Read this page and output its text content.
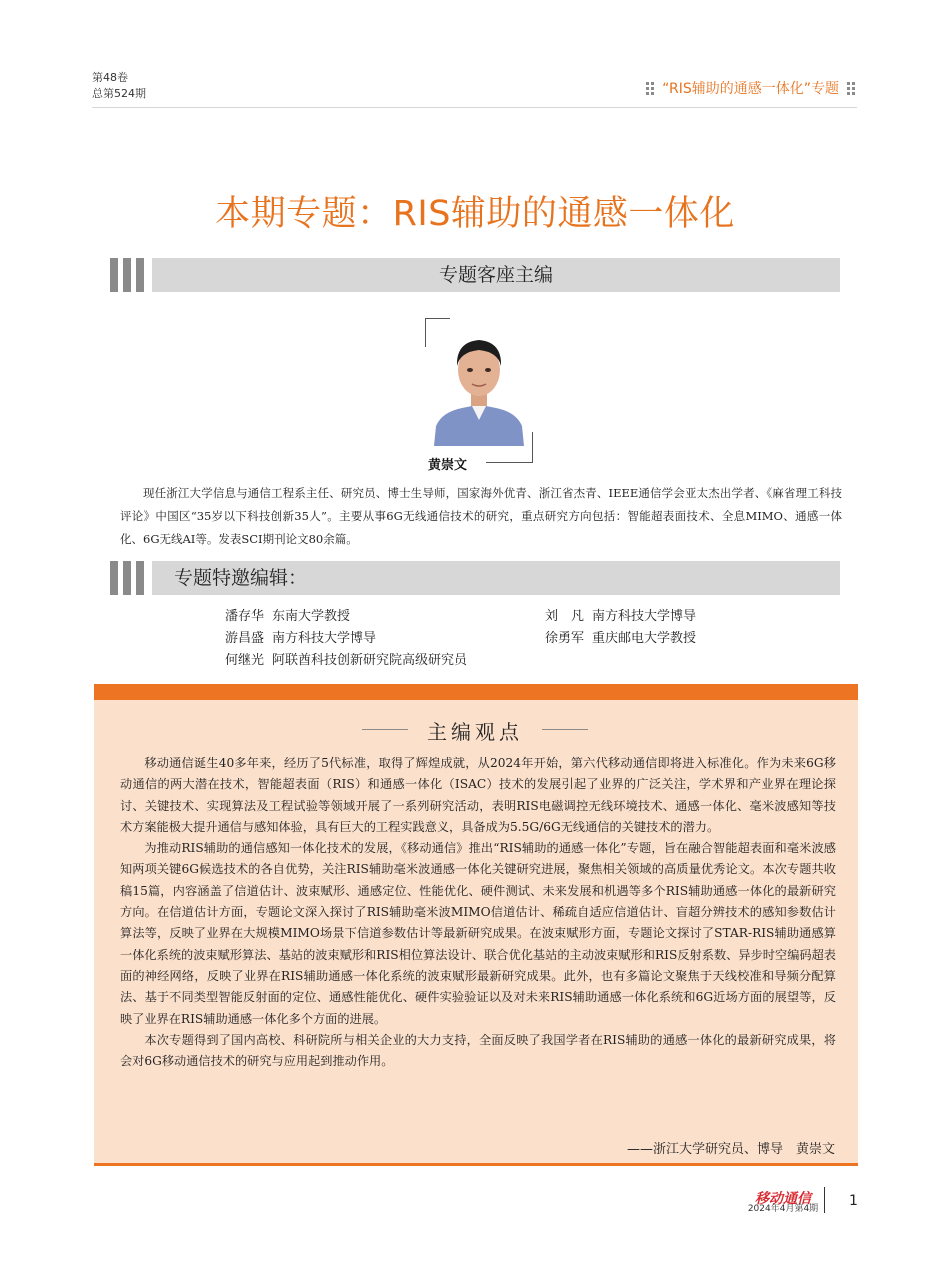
第48卷
总第524期	“RIS辅助的通感一体化”专题
本期专题：RIS辅助的通感一体化
专题客座主编
黄崇文
现任浙江大学信息与通信工程系主任、研究员、博士生导师，国家海外优青、浙江省杰青、IEEE通信学会亚太杰出学者、《麻省理工科技评论》中国区“35岁以下科技创新35人”。主要从事6G无线通信技术的研究，重点研究方向包括：智能超表面技术、全息MIMO、通感一体化、6G无线AI等。发表SCI期刊论文80余篇。
专题特邀编辑：
潘存华 东南大学教授	刘　凡 南方科技大学博导
游昌盛 南方科技大学博导	徐勇军 重庆邮电大学教授
何继光 阿联酋科技创新研究院高级研究员
主编观点

移动通信诞生40多年来，经历了5代标准，取得了辉煌成就，从2024年开始，第六代移动通信即将进入标准化。作为未来6G移动通信的两大潜在技术，智能超表面（RIS）和通感一体化（ISAC）技术的发展引起了业界的广泛关注，学术界和产业界在理论探讨、关键技术、实现算法及工程试验等领域开展了一系列研究活动，表明RIS电磁调控无线环境技术、通感一体化、毫米波感知等技术方案能极大提升通信与感知体验，具有巨大的工程实践意义，具备成为5.5G/6G无线通信的关键技术的潜力。

为推动RIS辅助的通信感知一体化技术的发展，《移动通信》推出“RIS辅助的通感一体化”专题，旨在融合智能超表面和毫米波感知两项关键6G候选技术的各自优势，关注RIS辅助毫米波通感一体化关键研究进展，聚焦相关领域的高质量优秀论文。本次专题共收稿15篇，内容涵盖了信道估计、波束赋形、通感定位、性能优化、硬件测试、未来发展和机遇等多个RIS辅助通感一体化的最新研究方向。在信道估计方面，专题论文深入探讨了RIS辅助毫米波MIMO信道估计、稀疏自适应信道估计、盲超分辨技术的感知参数估计算法等，反映了业界在大规模MIMO场景下信道参数估计等最新研究成果。在波束赋形方面，专题论文探讨了STAR-RIS辅助通感算一体化系统的波束赋形算法、基站的波束赋形和RIS相位算法设计、联合优化基站的主动波束赋形和RIS反射系数、异步时空编码超表面的神经网络，反映了业界在RIS辅助通感一体化系统的波束赋形最新研究成果。此外，也有多篇论文聚焦于天线校准和导频分配算法、基于不同类型智能反射面的定位、通感性能优化、硬件实验验证以及对未来RIS辅助通感一体化系统和6G近场方面的展望等，反映了业界在RIS辅助通感一体化多个方面的进展。

本次专题得到了国内高校、科研院所与相关企业的大力支持，全面反映了我国学者在RIS辅助的通感一体化的最新研究成果，将会对6G移动通信技术的研究与应用起到推动作用。

——浙江大学研究员、博导　黄崇文
移动通信
2024年4月第4期	1
